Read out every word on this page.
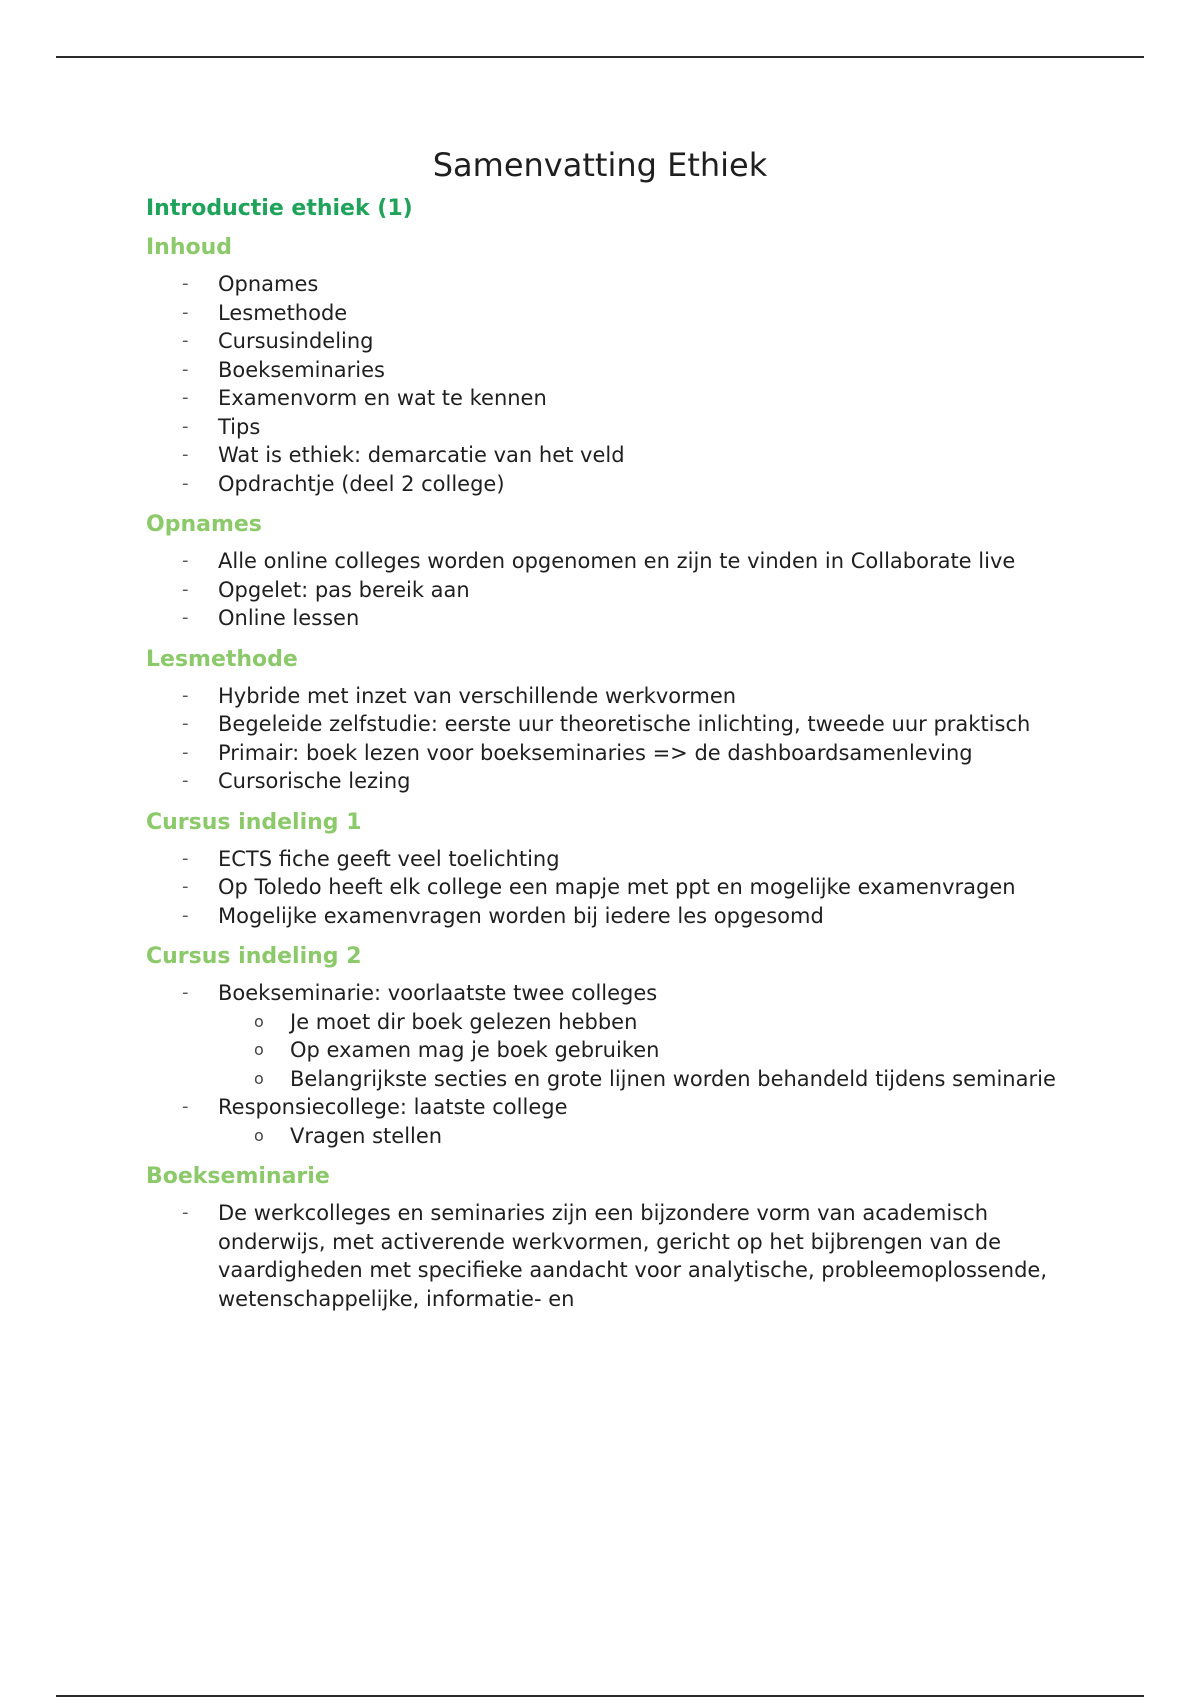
Samenvatting Ethiek
Introductie ethiek (1)
Inhoud
- Opnames
- Lesmethode
- Cursusindeling
- Boekseminaries
- Examenvorm en wat te kennen
- Tips
- Wat is ethiek: demarcatie van het veld
- Opdrachtje (deel 2 college)
Opnames
- Alle online colleges worden opgenomen en zijn te vinden in Collaborate live
- Opgelet: pas bereik aan
- Online lessen
Lesmethode
- Hybride met inzet van verschillende werkvormen
- Begeleide zelfstudie: eerste uur theoretische inlichting, tweede uur praktisch
- Primair: boek lezen voor boekseminaries => de dashboardsamenleving
- Cursorische lezing
Cursus indeling 1
- ECTS fiche geeft veel toelichting
- Op Toledo heeft elk college een mapje met ppt en mogelijke examenvragen
- Mogelijke examenvragen worden bij iedere les opgesomd
Cursus indeling 2
- Boekseminarie: voorlaatste twee colleges
o Je moet dir boek gelezen hebben
o Op examen mag je boek gebruiken
o Belangrijkste secties en grote lijnen worden behandeld tijdens seminarie
- Responsiecollege: laatste college
o Vragen stellen
Boekseminarie
- De werkcolleges en seminaries zijn een bijzondere vorm van academisch onderwijs, met activerende werkvormen, gericht op het bijbrengen van de vaardigheden met specifieke aandacht voor analytische, probleemoplossende, wetenschappelijke, informatie- en
